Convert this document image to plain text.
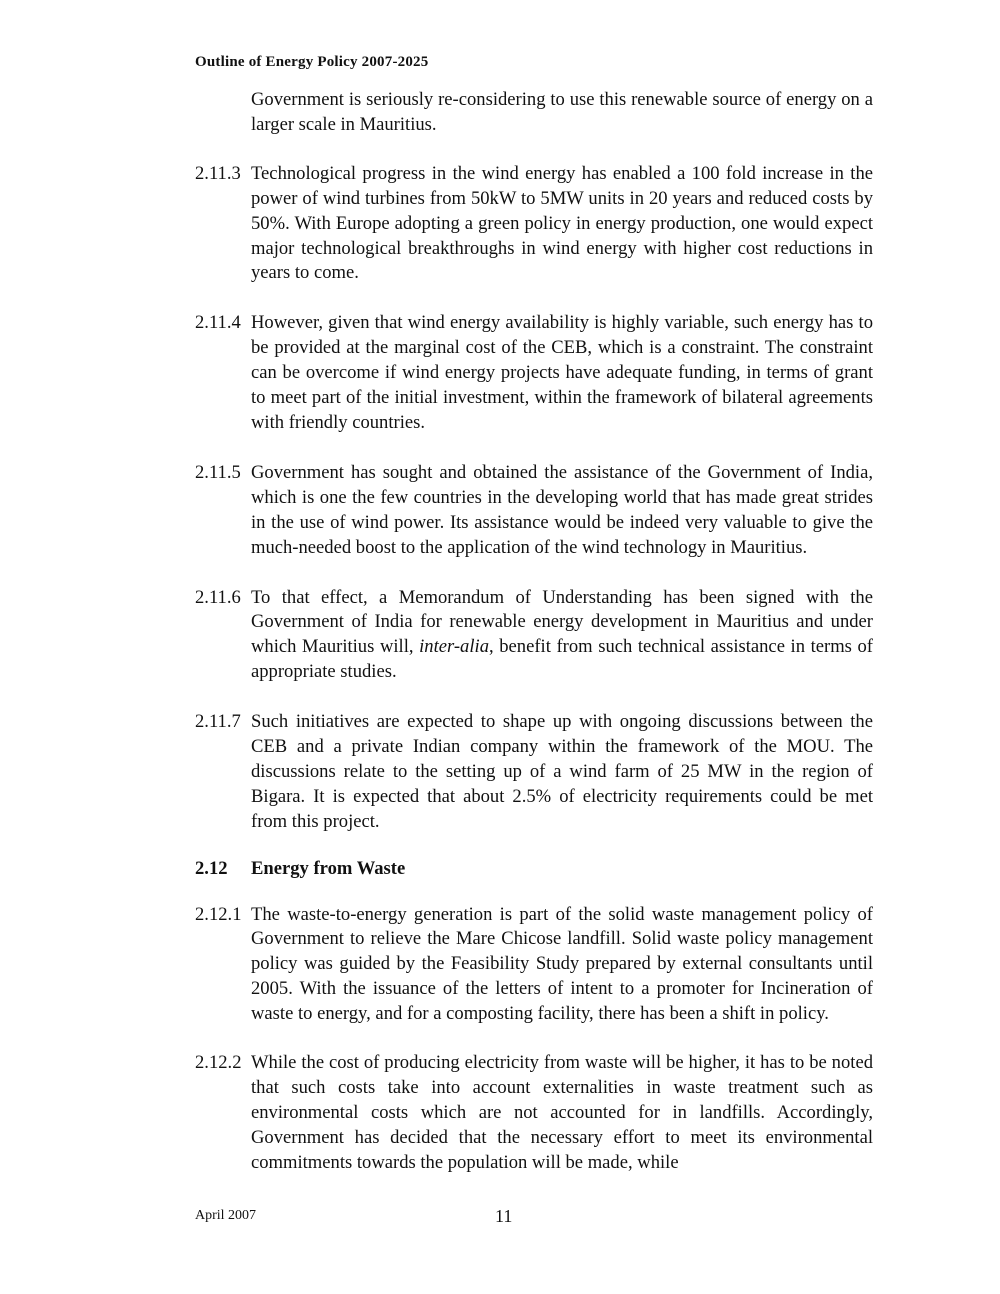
Outline of Energy Policy 2007-2025

Government is seriously re-considering to use this renewable source of energy on a larger scale in Mauritius.

2.11.3 Technological progress in the wind energy has enabled a 100 fold increase in the power of wind turbines from 50kW to 5MW units in 20 years and reduced costs by 50%. With Europe adopting a green policy in energy production, one would expect major technological breakthroughs in wind energy with higher cost reductions in years to come.
2.11.4 However, given that wind energy availability is highly variable, such energy has to be provided at the marginal cost of the CEB, which is a constraint. The constraint can be overcome if wind energy projects have adequate funding, in terms of grant to meet part of the initial investment, within the framework of bilateral agreements with friendly countries.
2.11.5 Government has sought and obtained the assistance of the Government of India, which is one the few countries in the developing world that has made great strides in the use of wind power. Its assistance would be indeed very valuable to give the much-needed boost to the application of the wind technology in Mauritius.
2.11.6 To that effect, a Memorandum of Understanding has been signed with the Government of India for renewable energy development in Mauritius and under which Mauritius will, inter-alia, benefit from such technical assistance in terms of appropriate studies.
2.11.7 Such initiatives are expected to shape up with ongoing discussions between the CEB and a private Indian company within the framework of the MOU. The discussions relate to the setting up of a wind farm of 25 MW in the region of Bigara. It is expected that about 2.5% of electricity requirements could be met from this project.
2.12	Energy from Waste
2.12.1 The waste-to-energy generation is part of the solid waste management policy of Government to relieve the Mare Chicose landfill. Solid waste policy management policy was guided by the Feasibility Study prepared by external consultants until 2005. With the issuance of the letters of intent to a promoter for Incineration of waste to energy, and for a composting facility, there has been a shift in policy.
2.12.2 While the cost of producing electricity from waste will be higher, it has to be noted that such costs take into account externalities in waste treatment such as environmental costs which are not accounted for in landfills. Accordingly, Government has decided that the necessary effort to meet its environmental commitments towards the population will be made, while
April 2007	11
